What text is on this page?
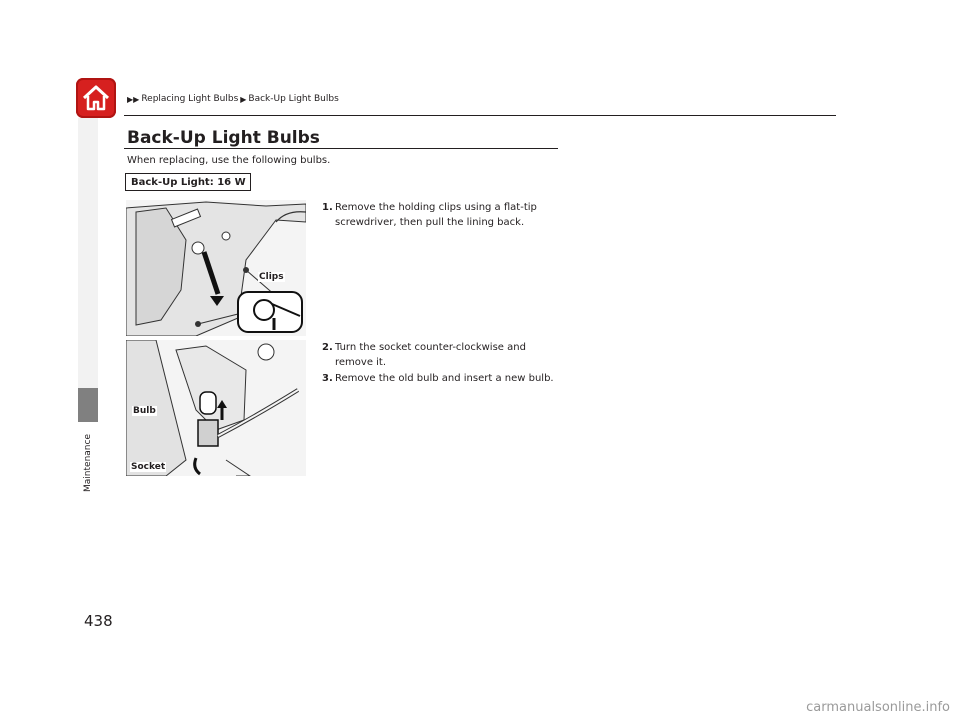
▶▶ Replacing Light Bulbs ▶ Back-Up Light Bulbs
Maintenance
438
Back-Up Light Bulbs
When replacing, use the following bulbs.
Back-Up Light: 16 W
Clips
Bulb
Socket
1. Remove the holding clips using a flat-tip
screwdriver, then pull the lining back.
2. Turn the socket counter-clockwise and
remove it.
3. Remove the old bulb and insert a new bulb.
carmanualsonline.info
